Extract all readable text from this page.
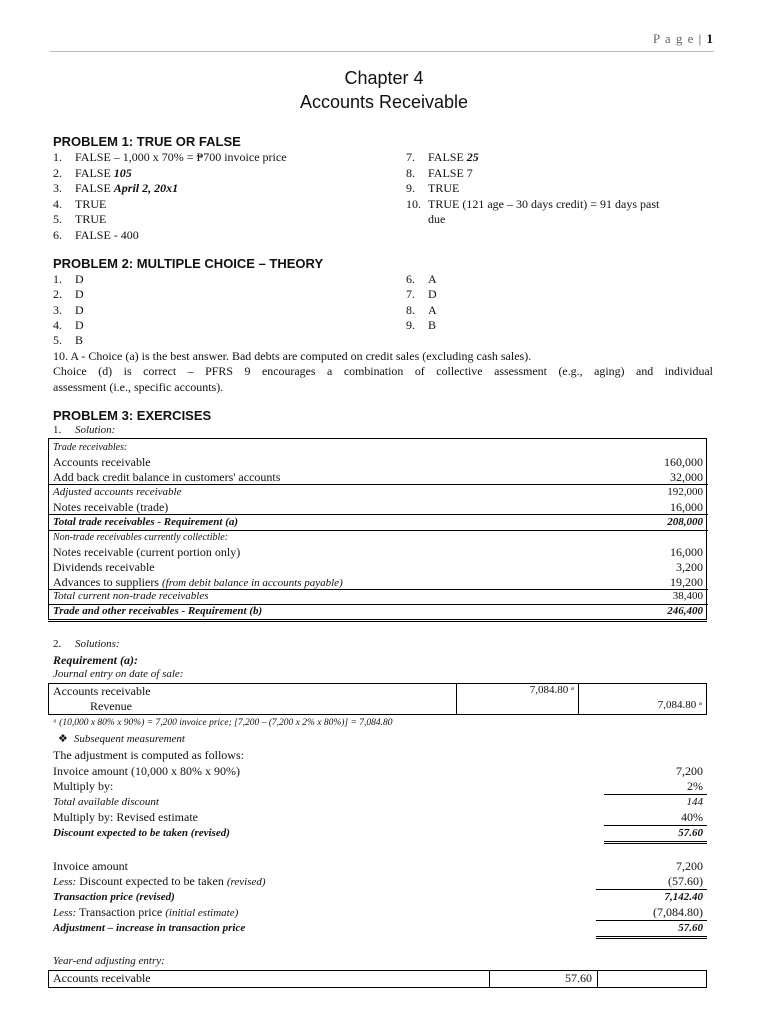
P a g e | 1
Chapter 4
Accounts Receivable
PROBLEM 1: TRUE OR FALSE
1. FALSE – 1,000 x 70% = ₱700 invoice price
2. FALSE 105
3. FALSE April 2, 20x1
4. TRUE
5. TRUE
6. FALSE - 400
7. FALSE 25
8. FALSE 7
9. TRUE
10. TRUE (121 age – 30 days credit) = 91 days past
due
PROBLEM 2: MULTIPLE CHOICE – THEORY
1. D
2. D
3. D
4. D
5. B
6. A
7. D
8. A
9. B
10. A - Choice (a) is the best answer. Bad debts are computed on credit sales (excluding cash sales).
Choice (d) is correct – PFRS 9 encourages a combination of collective assessment (e.g., aging) and individual
assessment (i.e., specific accounts).
PROBLEM 3: EXERCISES
1. Solution:
Trade receivables:
Accounts receivable	160,000
Add back credit balance in customers' accounts	32,000
Adjusted accounts receivable	192,000
Notes receivable (trade)	16,000
Total trade receivables - Requirement (a)	208,000
Non-trade receivables currently collectible:
Notes receivable (current portion only)	16,000
Dividends receivable	3,200
Advances to suppliers (from debit balance in accounts payable)	19,200
Total current non-trade receivables	38,400
Trade and other receivables - Requirement (b)	246,400
2. Solutions:
Requirement (a):
Journal entry on date of sale:
Accounts receivable	7,084.80 ᵃ
Revenue	7,084.80 ᵃ
ᵃ (10,000 x 80% x 90%) = 7,200 invoice price; [7,200 – (7,200 x 2% x 80%)] = 7,084.80
❖ Subsequent measurement
The adjustment is computed as follows:
Invoice amount (10,000 x 80% x 90%)	7,200
Multiply by:	2%
Total available discount	144
Multiply by: Revised estimate	40%
Discount expected to be taken (revised)	57.60
Invoice amount	7,200
Less: Discount expected to be taken (revised)	(57.60)
Transaction price (revised)	7,142.40
Less: Transaction price (initial estimate)	(7,084.80)
Adjustment – increase in transaction price	57.60
Year-end adjusting entry:
Accounts receivable	57.60
